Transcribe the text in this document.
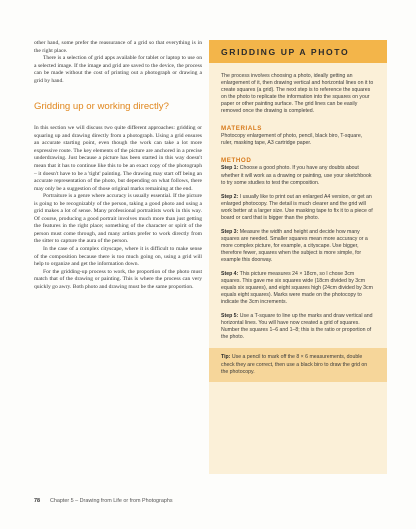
other hand, some prefer the reassurance of a grid so that everything is in the right place.

There is a selection of grid apps available for tablet or laptop to use on a selected image. If the image and grid are saved to the device, the process can be made without the cost of printing out a photograph or drawing a grid by hand.

Gridding up or working directly?

In this section we will discuss two quite different approaches: gridding or squaring up and drawing directly from a photograph. Using a grid ensures an accurate starting point, even though the work can take a lot more expressive route. The key elements of the picture are anchored in a precise underdrawing. Just because a picture has been started in this way doesn't mean that it has to continue like this to be an exact copy of the photograph – it doesn't have to be a 'tight' painting. The drawing may start off being an accurate representation of the photo, but depending on what follows, there may only be a suggestion of those original marks remaining at the end.

Portraiture is a genre where accuracy is usually essential. If the picture is going to be recognizably of the person, taking a good photo and using a grid makes a lot of sense. Many professional portraitists work in this way. Of course, producing a good portrait involves much more than just getting the features in the right place; something of the character or spirit of the person must come through, and many artists prefer to work directly from the sitter to capture the aura of the person.

In the case of a complex cityscape, where it is difficult to make sense of the composition because there is too much going on, using a grid will help to organize and get the information down.

For the gridding-up process to work, the proportion of the photo must match that of the drawing or painting. This is where the process can very quickly go awry. Both photo and drawing must be the same proportion.

GRIDDING UP A PHOTO

The process involves choosing a photo, ideally getting an enlargement of it, then drawing vertical and horizontal lines on it to create squares (a grid). The next step is to reference the squares on the photo to replicate the information into the squares on your paper or other painting surface. The grid lines can be easily removed once the drawing is completed.

MATERIALS

Photocopy enlargement of photo, pencil, black biro, T-square, ruler, masking tape, A3 cartridge paper.

METHOD

Step 1: Choose a good photo. If you have any doubts about whether it will work as a drawing or painting, use your sketchbook to try some studies to test the composition.

Step 2: I usually like to print out an enlarged A4 version, or get an enlarged photocopy. The detail is much clearer and the grid will work better at a larger size. Use masking tape to fix it to a piece of board or card that is bigger than the photo.

Step 3: Measure the width and height and decide how many squares are needed. Smaller squares mean more accuracy or a more complex picture, for example, a cityscape. Use bigger, therefore fewer, squares when the subject is more simple, for example this doorway.

Step 4: This picture measures 24 × 18cm, so I chose 3cm squares. This gave me six squares wide (18cm divided by 3cm equals six squares), and eight squares high (24cm divided by 3cm equals eight squares). Marks were made on the photocopy to indicate the 3cm increments.

Step 5: Use a T-square to line up the marks and draw vertical and horizontal lines. You will have now created a grid of squares. Number the squares 1–6 and 1–8; this is the ratio or proportion of the photo.

Tip: Use a pencil to mark off the 8 × 6 measurements, double check they are correct, then use a black biro to draw the grid on the photocopy.
78 Chapter 5 – Drawing from Life or from Photographs
